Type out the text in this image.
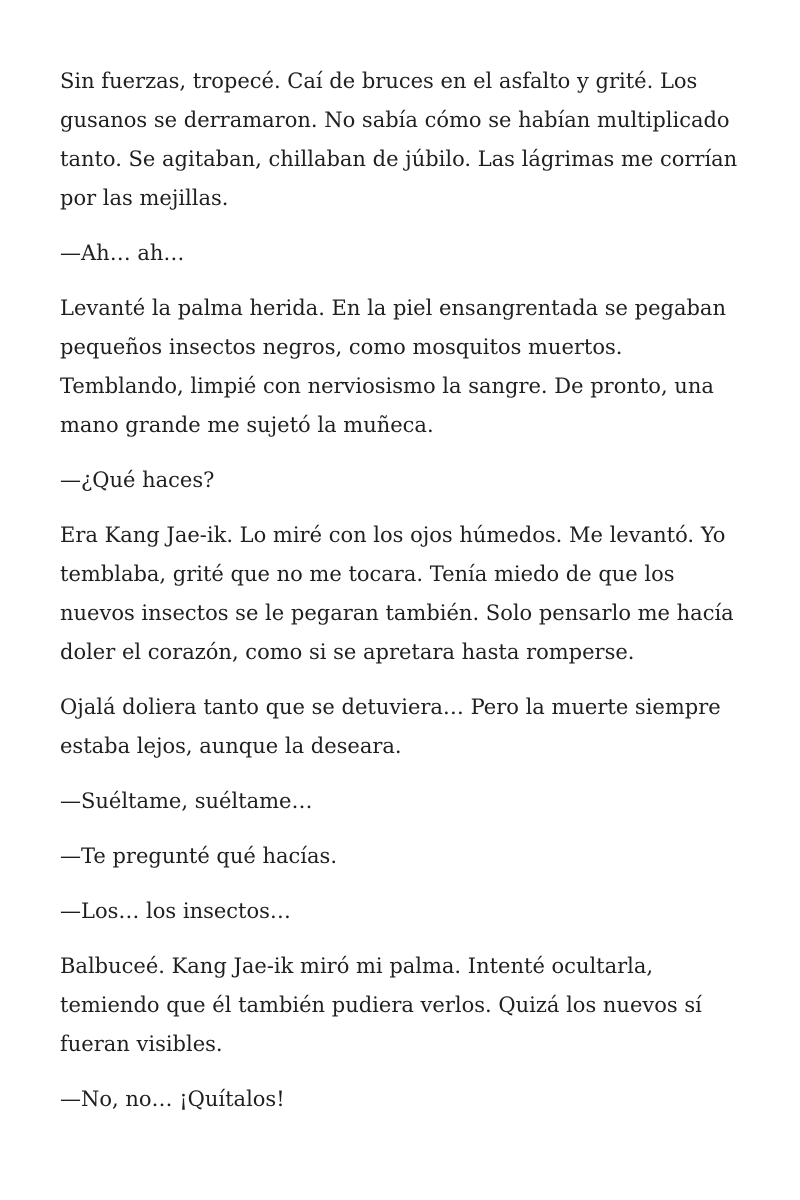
Sin fuerzas, tropecé. Caí de bruces en el asfalto y grité. Los gusanos se derramaron. No sabía cómo se habían multiplicado tanto. Se agitaban, chillaban de júbilo. Las lágrimas me corrían por las mejillas.

—Ah… ah…

Levanté la palma herida. En la piel ensangrentada se pegaban pequeños insectos negros, como mosquitos muertos. Temblando, limpié con nerviosismo la sangre. De pronto, una mano grande me sujetó la muñeca.

—¿Qué haces?

Era Kang Jae-ik. Lo miré con los ojos húmedos. Me levantó. Yo temblaba, grité que no me tocara. Tenía miedo de que los nuevos insectos se le pegaran también. Solo pensarlo me hacía doler el corazón, como si se apretara hasta romperse.

Ojalá doliera tanto que se detuviera… Pero la muerte siempre estaba lejos, aunque la deseara.

—Suéltame, suéltame…

—Te pregunté qué hacías.

—Los… los insectos…

Balbuceé. Kang Jae-ik miró mi palma. Intenté ocultarla, temiendo que él también pudiera verlos. Quizá los nuevos sí fueran visibles.

—No, no… ¡Quítalos!
